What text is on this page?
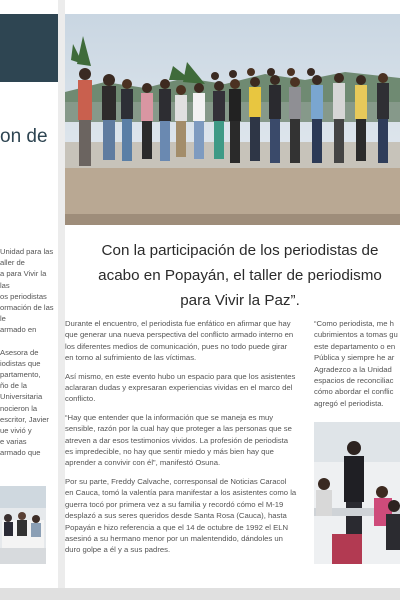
on de
Unidad para las
aller de
a para Vivir la
las
os periodistas
ormación de las
le
armado en
Asesora de
iodistas que
partamento,
ño de la
Universitaria
nocieron la
escritor, Javier
ue vivió y
e varias
armado que
Con la participación de los periodistas de
acabo en Popayán, el taller de periodismo
para Vivir la Paz”.

Durante el encuentro, el periodista fue enfático en afirmar que hay que generar una nueva perspectiva del conflicto armado interno en los diferentes medios de comunicación, pues no todo puede girar en torno al sufrimiento de las víctimas.

Así mismo, en este evento hubo un espacio para que los asistentes aclararan dudas y expresaran experiencias vividas en el marco del conflicto.

“Hay que entender que la información que se maneja es muy sensible, razón por la cual hay que proteger a las personas que se atreven a dar esos testimonios vividos. La profesión de periodista es impredecible, no hay que sentir miedo y más bien hay que aprender a convivir con él”, manifestó Osuna.

Por su parte, Freddy Calvache, corresponsal de Noticias Caracol en Cauca, tomó la valentía para manifestar a los asistentes como la guerra tocó por primera vez a su familia y recordó cómo el M-19 desplazó a sus seres queridos desde Santa Rosa (Cauca), hasta Popayán e hizo referencia a que el 14 de octubre de 1992 el ELN asesinó a su hermano menor por un malentendido, dándoles un duro golpe a él y a sus padres.

“Como periodista, me h
cubrimientos a tomas gu
este departamento o en
Pública y siempre he ar
Agradezco a la Unidad
espacios de reconciliac
cómo abordar el conflic
agregó el periodista.
